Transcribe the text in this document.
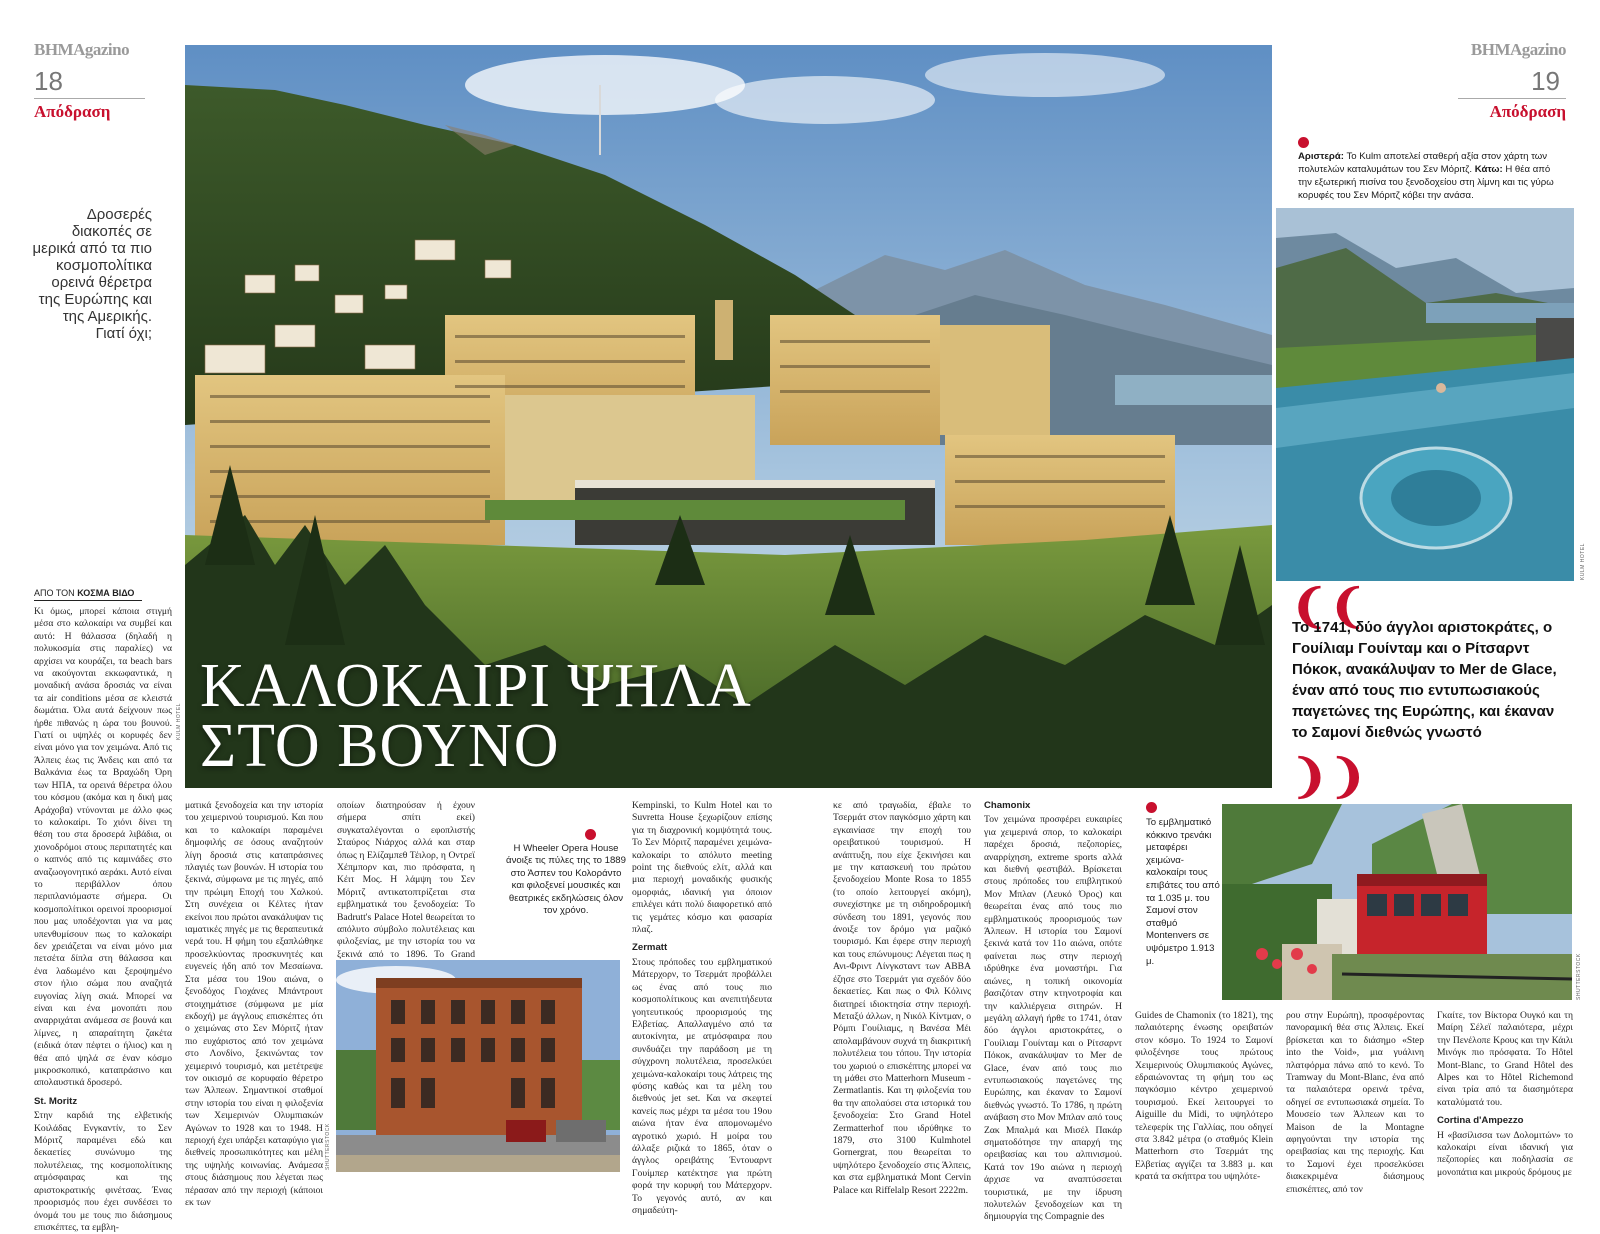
ΒΗΜΑgazino
18
Απόδραση
Δροσερές διακοπές σε μερικά από τα πιο κοσμοπολίτικα ορεινά θέρετρα της Ευρώπης και της Αμερικής. Γιατί όχι;
ΑΠΟ ΤΟΝ ΚΟΣΜΑ ΒΙΔΟ
ΒΗΜΑgazino
19
Απόδραση
ΚΑΛΟΚΑΙΡΙ ΨΗΛΑ
ΣΤΟ ΒΟΥΝΟ
KULM HOTEL
Αριστερά: Το Kulm αποτελεί σταθερή αξία στον χάρτη των πολυτελών καταλυμάτων του Σεν Μόριτζ. Κάτω: Η θέα από την εξωτερική πισίνα του ξενοδοχείου στη λίμνη και τις γύρω κορυφές του Σεν Μόριτζ κόβει την ανάσα.
KULM HOTEL
❨❨
Το 1741, δύο άγγλοι αριστοκράτες, ο Γουίλιαμ Γουίνταμ και ο Ρίτσαρντ Πόκοκ, ανακάλυψαν το Mer de Glace, έναν από τους πιο εντυπωσιακούς παγετώνες της Ευρώπης, και έκαναν το Σαμονί διεθνώς γνωστό
❩❩

Κι όμως, μπορεί κάποια στιγμή μέσα στο καλοκαίρι να συμβεί και αυτό: Η θάλασσα (δηλαδή η πολυκοσμία στις παραλίες) να αρχίσει να κουράζει, τα beach bars να ακούγονται εκκωφαντικά, η μοναδική ανάσα δροσιάς να είναι τα air conditions μέσα σε κλειστά δωμάτια. Όλα αυτά δείχνουν πως ήρθε πιθανώς η ώρα του βουνού. Γιατί οι υψηλές οι κορυφές δεν είναι μόνο για τον χειμώνα. Από τις Άλπεις έως τις Άνδεις και από τα Βαλκάνια έως τα Βραχώδη Όρη των ΗΠΑ, τα ορεινά θέρετρα όλου του κόσμου (ακόμα και η δική μας Αράχοβα) ντύνονται με άλλο φως το καλοκαίρι. Το χιόνι δίνει τη θέση του στα δροσερά λιβάδια, οι χιονοδρόμοι στους περιπατητές και ο καπνός από τις καμινάδες στο αναζωογονητικό αεράκι. Αυτό είναι το περιβάλλον όπου περιπλανιόμαστε σήμερα. Οι κοσμοπολίτικοι ορεινοί προορισμοί που μας υποδέχονται για να μας υπενθυμίσουν πως το καλοκαίρι δεν χρειάζεται να είναι μόνο μια πετσέτα δίπλα στη θάλασσα και ένα λαδωμένο και ξεροψημένο στον ήλιο σώμα που αναζητά ευγονίας λίγη σκιά. Μπορεί να είναι και ένα μονοπάτι που αναρριχάται ανάμεσα σε βουνά και λίμνες, η απαραίτητη ζακέτα (ειδικά όταν πέφτει ο ήλιος) και η θέα από ψηλά σε έναν κόσμο μικροσκοπικό, καταπράσινο και απολαυστικά δροσερό.

St. Moritz

Στην καρδιά της ελβετικής Κοιλάδας Ενγκαντίν, το Σεν Μόριτζ παραμένει εδώ και δεκαετίες συνώνυμο της πολυτέλειας, της κοσμοπολίτικης ατμόσφαιρας και της αριστοκρατικής φινέτσας. Ένας προορισμός που έχει συνδέσει το όνομά του με τους πιο διάσημους επισκέπτες, τα εμβλη-

ματικά ξενοδοχεία και την ιστορία του χειμερινού τουρισμού. Και που και το καλοκαίρι παραμένει δημοφιλής σε όσους αναζητούν λίγη δροσιά στις καταπράσινες πλαγιές των βουνών. Η ιστορία του ξεκινά, σύμφωνα με τις πηγές, από την πρώιμη Εποχή του Χαλκού. Στη συνέχεια οι Κέλτες ήταν εκείνοι που πρώτοι ανακάλυψαν τις ιαματικές πηγές με τις θεραπευτικά νερά του. Η φήμη του εξαπλώθηκε προσελκύοντας προσκυνητές και ευγενείς ήδη από τον Μεσαίωνα. Στα μέσα του 19ου αιώνα, ο ξενοδόχος Γιοχάνες Μπάντρουτ στοιχημάτισε (σύμφωνα με μία εκδοχή) με άγγλους επισκέπτες ότι ο χειμώνας στο Σεν Μόριτζ ήταν πιο ευχάριστος από τον χειμώνα στο Λονδίνο, ξεκινώντας τον χειμερινό τουρισμό, και μετέτρεψε τον οικισμό σε κορυφαίο θέρετρο των Άλπεων. Σημαντικοί σταθμοί στην ιστορία του είναι η φιλοξενία των Χειμερινών Ολυμπιακών Αγώνων το 1928 και το 1948. Η περιοχή έχει υπάρξει καταφύγιο για διεθνείς προσωπικότητες και μέλη της υψηλής κοινωνίας. Ανάμεσα στους διάσημους που λέγεται πως πέρασαν από την περιοχή (κάποιοι εκ των

οποίων διατηρούσαν ή έχουν σήμερα σπίτι εκεί) συγκαταλέγονται ο εφοπλιστής Σταύρος Νιάρχος αλλά και σταρ όπως η Ελίζαμπεθ Τέιλορ, η Οντρεϊ Χέπμπορν και, πιο πρόσφατα, η Κέιτ Μος. Η λάμψη του Σεν Μόριτζ αντικατοπτρίζεται στα εμβληματικά του ξενοδοχεία: Το Badrutt's Palace Hotel θεωρείται το απόλυτο σύμβολο πολυτέλειας και φιλοξενίας, με την ιστορία του να ξεκινά από το 1896. Το Grand

Η Wheeler Opera House άνοιξε τις πύλες της το 1889 στο Άσπεν του Κολοράντο και φιλοξενεί μουσικές και θεατρικές εκδηλώσεις όλον τον χρόνο.
SHUTTERSTOCK

Kempinski, το Kulm Hotel και το Suvretta House ξεχωρίζουν επίσης για τη διαχρονική κομψότητά τους. Το Σεν Μόριτζ παραμένει χειμώνα-καλοκαίρι το απόλυτο meeting point της διεθνούς ελίτ, αλλά και μια περιοχή μοναδικής φυσικής ομορφιάς, ιδανική για όποιον επιλέγει κάτι πολύ διαφορετικό από τις γεμάτες κόσμο και φασαρία πλαζ.

Zermatt

Στους πρόποδες του εμβληματικού Μάτερχορν, το Τσερμάτ προβάλλει ως ένας από τους πιο κοσμοπολίτικους και ανεπιτήδευτα γοητευτικούς προορισμούς της Ελβετίας. Απαλλαγμένο από τα αυτοκίνητα, με ατμόσφαιρα που συνδυάζει την παράδοση με τη σύγχρονη πολυτέλεια, προσελκύει χειμώνα-καλοκαίρι τους λάτρεις της φύσης καθώς και τα μέλη του διεθνούς jet set. Και να σκεφτεί κανείς πως μέχρι τα μέσα του 19ου αιώνα ήταν ένα απομονωμένο αγροτικό χωριό. Η μοίρα του άλλαξε ριζικά το 1865, όταν ο άγγλος ορειβάτης Έντουαρντ Γουίμπερ κατέκτησε για πρώτη φορά την κορυφή του Μάτερχορν. Το γεγονός αυτό, αν και σημαδεύτη-

κε από τραγωδία, έβαλε το Τσερμάτ στον παγκόσμιο χάρτη και εγκαινίασε την εποχή του ορειβατικού τουρισμού. Η ανάπτυξη, που είχε ξεκινήσει και με την κατασκευή του πρώτου ξενοδοχείου Monte Rosa το 1855 (το οποίο λειτουργεί ακόμη), συνεχίστηκε με τη σιδηροδρομική σύνδεση του 1891, γεγονός που άνοιξε τον δρόμο για μαζικό τουρισμό. Και έφερε στην περιοχή και τους επώνυμους: Λέγεται πως η Ανι-Φριντ Λίνγκσταντ των ABBA έζησε στο Τσερμάτ για σχεδόν δύο δεκαετίες. Και πως ο Φιλ Κόλινς διατηρεί ιδιοκτησία στην περιοχή. Μεταξύ άλλων, η Νικόλ Κίντμαν, ο Ρόμπι Γουίλιαμς, η Βανέσα Μέι απολαμβάνουν συχνά τη διακριτική πολυτέλεια του τόπου. Την ιστορία του χωριού ο επισκέπτης μπορεί να τη μάθει στο Matterhorn Museum - Zermatlantis. Και τη φιλοξενία του θα την απολαύσει στα ιστορικά του ξενοδοχεία: Στο Grand Hotel Zermatterhof που ιδρύθηκε το 1879, στο 3100 Kulmhotel Gornergrat, που θεωρείται το υψηλότερο ξενοδοχείο στις Άλπεις, και στα εμβληματικά Mont Cervin Palace και Riffelalp Resort 2222m.

Chamonix

Τον χειμώνα προσφέρει ευκαιρίες για χειμερινά σπορ, το καλοκαίρι παρέχει δροσιά, πεζοπορίες, αναρρίχηση, extreme sports αλλά και διεθνή φεστιβάλ. Βρίσκεται στους πρόποδες του επιβλητικού Μον Μπλαν (Λευκό Όρος) και θεωρείται ένας από τους πιο εμβληματικούς προορισμούς των Άλπεων. Η ιστορία του Σαμονί ξεκινά κατά τον 11ο αιώνα, οπότε φαίνεται πως στην περιοχή ιδρύθηκε ένα μοναστήρι. Για αιώνες, η τοπική οικονομία βασιζόταν στην κτηνοτροφία και την καλλιέργεια σιτηρών. Η μεγάλη αλλαγή ήρθε το 1741, όταν δύο άγγλοι αριστοκράτες, ο Γουίλιαμ Γουίνταμ και ο Ρίτσαρντ Πόκοκ, ανακάλυψαν το Mer de Glace, έναν από τους πιο εντυπωσιακούς παγετώνες της Ευρώπης, και έκαναν το Σαμονί διεθνώς γνωστό. Το 1786, η πρώτη ανάβαση στο Μον Μπλαν από τους Ζακ Μπαλμά και Μισέλ Πακάρ σηματοδότησε την απαρχή της ορειβασίας και του αλπινισμού. Κατά τον 19ο αιώνα η περιοχή άρχισε να αναπτύσσεται τουριστικά, με την ίδρυση πολυτελών ξενοδοχείων και τη δημιουργία της Compagnie des

Το εμβληματικό κόκκινο τρενάκι μεταφέρει χειμώνα-καλοκαίρι τους επιβάτες του από τα 1.035 μ. του Σαμονί στον σταθμό Montenvers σε υψόμετρο 1.913 μ.	SHUTTERSTOCK

Guides de Chamonix (το 1821), της παλαιότερης ένωσης ορειβατών στον κόσμο. Το 1924 το Σαμονί φιλοξένησε τους πρώτους Χειμερινούς Ολυμπιακούς Αγώνες, εδραιώνοντας τη φήμη του ως παγκόσμιο κέντρο χειμερινού τουρισμού. Εκεί λειτουργεί το Aiguille du Midi, το υψηλότερο τελεφερίκ της Γαλλίας, που οδηγεί στα 3.842 μέτρα (ο σταθμός Klein Matterhorn στο Τσερμάτ της Ελβετίας αγγίζει τα 3.883 μ. και κρατά τα σκήπτρα του υψηλότε-

ρου στην Ευρώπη), προσφέροντας πανοραμική θέα στις Άλπεις. Εκεί βρίσκεται και το διάσημο «Step into the Void», μια γυάλινη πλατφόρμα πάνω από το κενό. Το Tramway du Mont-Blanc, ένα από τα παλαιότερα ορεινά τρένα, οδηγεί σε εντυπωσιακά σημεία. Το Μουσείο των Άλπεων και το Maison de la Montagne αφηγούνται την ιστορία της ορειβασίας και της περιοχής. Και το Σαμονί έχει προσελκύσει διακεκριμένα διάσημους επισκέπτες, από τον

Γκαίτε, τον Βίκτορα Ουγκό και τη Μαίρη Σέλεϊ παλαιότερα, μέχρι την Πενέλοπε Κρους και την Κάιλι Μινόγκ πιο πρόσφατα. Το Hôtel Mont-Blanc, το Grand Hôtel des Alpes και το Hôtel Richemond είναι τρία από τα διασημότερα καταλύματά του.

Cortina d'Ampezzo

Η «βασίλισσα των Δολομιτών» το καλοκαίρι είναι ιδανική για πεζοπορίες και ποδηλασία σε μονοπάτια και μικρούς δρόμους με
